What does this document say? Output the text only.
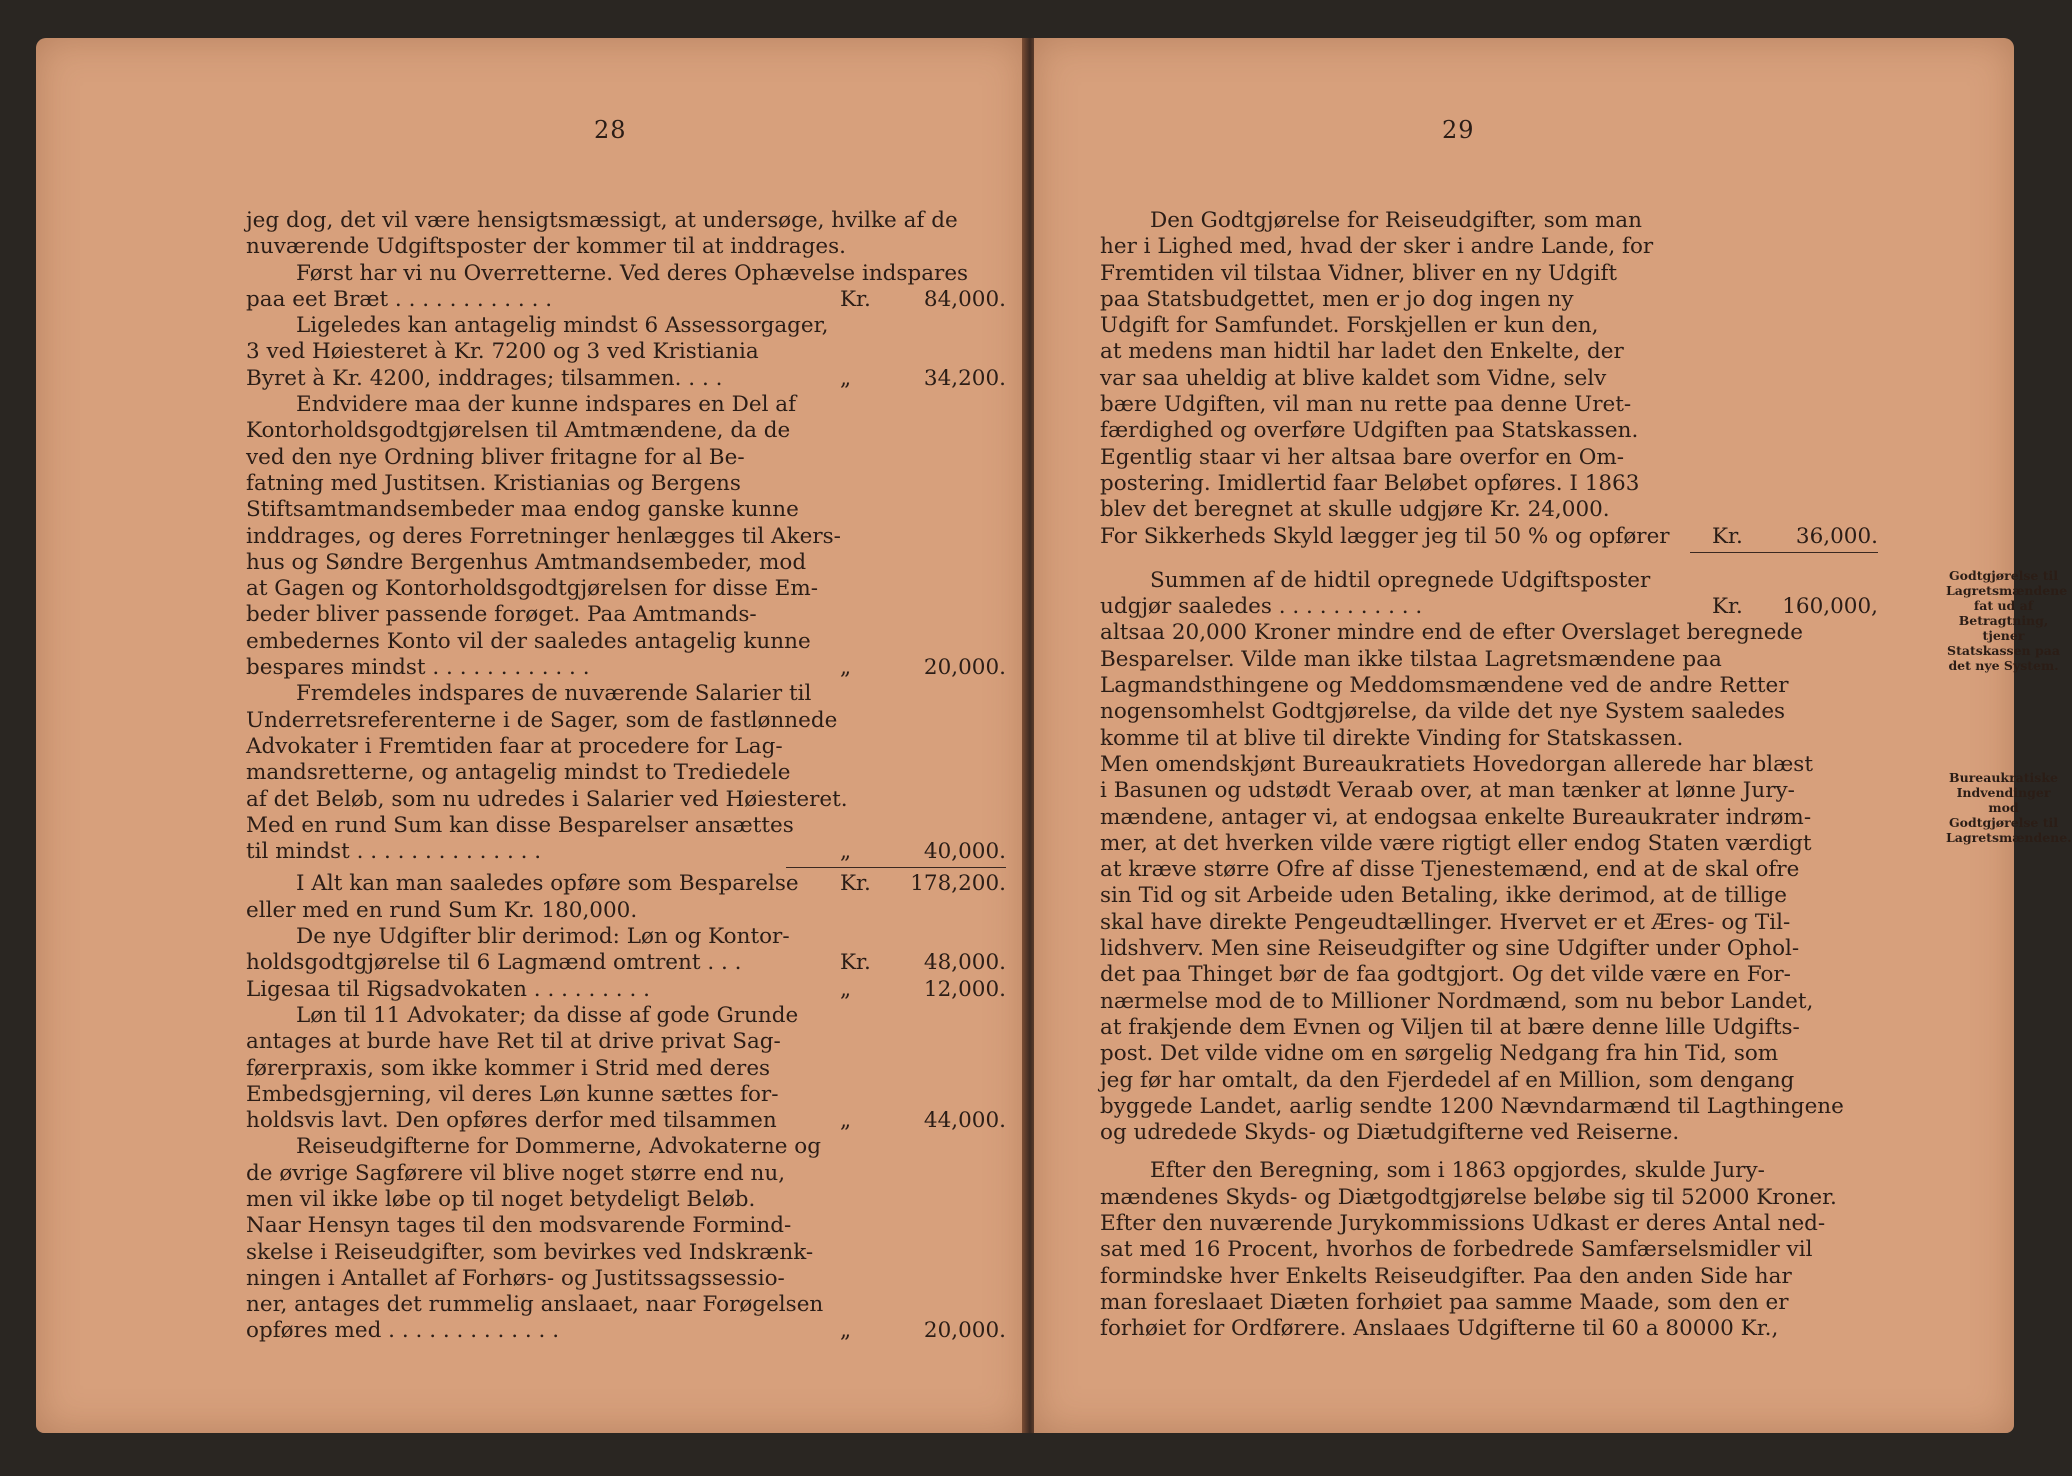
28
jeg dog, det vil være hensigtsmæssigt, at undersøge, hvilke af de
nuværende Udgiftsposter der kommer til at inddrages.
Først har vi nu Overretterne. Ved deres Ophævelse indspares
paa eet Bræt . . . . . . . . . . . .	Kr.	84,000.
Ligeledes kan antagelig mindst 6 Assessorgager,
3 ved Høiesteret à Kr. 7200 og 3 ved Kristiania
Byret à Kr. 4200, inddrages; tilsammen. . . .	„	34,200.
Endvidere maa der kunne indspares en Del af
Kontorholdsgodtgjørelsen til Amtmændene, da de
ved den nye Ordning bliver fritagne for al Be-
fatning med Justitsen. Kristianias og Bergens
Stiftsamtmandsembeder maa endog ganske kunne
inddrages, og deres Forretninger henlægges til Akers-
hus og Søndre Bergenhus Amtmandsembeder, mod
at Gagen og Kontorholdsgodtgjørelsen for disse Em-
beder bliver passende forøget. Paa Amtmands-
embedernes Konto vil der saaledes antagelig kunne
bespares mindst . . . . . . . . . . . .	„	20,000.
Fremdeles indspares de nuværende Salarier til
Underretsreferenterne i de Sager, som de fastlønnede
Advokater i Fremtiden faar at procedere for Lag-
mandsretterne, og antagelig mindst to Trediedele
af det Beløb, som nu udredes i Salarier ved Høiesteret.
Med en rund Sum kan disse Besparelser ansættes
til mindst . . . . . . . . . . . . . .	„	40,000.
I Alt kan man saaledes opføre som Besparelse Kr.	178,200.
eller med en rund Sum Kr. 180,000.
De nye Udgifter blir derimod: Løn og Kontor-
holdsgodtgjørelse til 6 Lagmænd omtrent . . .	Kr.	48,000.
Ligesaa til Rigsadvokaten . . . . . . . . .	„	12,000.
Løn til 11 Advokater; da disse af gode Grunde
antages at burde have Ret til at drive privat Sag-
førerpraxis, som ikke kommer i Strid med deres
Embedsgjerning, vil deres Løn kunne sættes for-
holdsvis lavt. Den opføres derfor med tilsammen	„	44,000.
Reiseudgifterne for Dommerne, Advokaterne og
de øvrige Sagførere vil blive noget større end nu,
men vil ikke løbe op til noget betydeligt Beløb.
Naar Hensyn tages til den modsvarende Formind-
skelse i Reiseudgifter, som bevirkes ved Indskrænk-
ningen i Antallet af Forhørs- og Justitssagssessio-
ner, antages det rummelig anslaaet, naar Forøgelsen
opføres med . . . . . . . . . . . . .	„	20,000.
29
Den Godtgjørelse for Reiseudgifter, som man
her i Lighed med, hvad der sker i andre Lande, for
Fremtiden vil tilstaa Vidner, bliver en ny Udgift
paa Statsbudgettet, men er jo dog ingen ny
Udgift for Samfundet. Forskjellen er kun den,
at medens man hidtil har ladet den Enkelte, der
var saa uheldig at blive kaldet som Vidne, selv
bære Udgiften, vil man nu rette paa denne Uret-
færdighed og overføre Udgiften paa Statskassen.
Egentlig staar vi her altsaa bare overfor en Om-
postering. Imidlertid faar Beløbet opføres. I 1863
blev det beregnet at skulle udgjøre Kr. 24,000.
For Sikkerheds Skyld lægger jeg til 50 % og opfører Kr.	36,000.
Summen af de hidtil opregnede Udgiftsposter
udgjør saaledes . . . . . . . . . . .	Kr.	160,000,
altsaa 20,000 Kroner mindre end de efter Overslaget beregnede
Besparelser. Vilde man ikke tilstaa Lagretsmændene paa
Lagmandsthingene og Meddomsmændene ved de andre Retter
nogensomhelst Godtgjørelse, da vilde det nye System saaledes
komme til at blive til direkte Vinding for Statskassen.
Men omendskjønt Bureaukratiets Hovedorgan allerede har blæst
i Basunen og udstødt Veraab over, at man tænker at lønne Jury-
mændene, antager vi, at endogsaa enkelte Bureaukrater indrøm-
mer, at det hverken vilde være rigtigt eller endog Staten værdigt
at kræve større Ofre af disse Tjenestemænd, end at de skal ofre
sin Tid og sit Arbeide uden Betaling, ikke derimod, at de tillige
skal have direkte Pengeudtællinger. Hvervet er et Æres- og Til-
lidshverv. Men sine Reiseudgifter og sine Udgifter under Ophol-
det paa Thinget bør de faa godtgjort. Og det vilde være en For-
nærmelse mod de to Millioner Nordmænd, som nu bebor Landet,
at frakjende dem Evnen og Viljen til at bære denne lille Udgifts-
post. Det vilde vidne om en sørgelig Nedgang fra hin Tid, som
jeg før har omtalt, da den Fjerdedel af en Million, som dengang
byggede Landet, aarlig sendte 1200 Nævndarmænd til Lagthingene
og udredede Skyds- og Diætudgifterne ved Reiserne.
Efter den Beregning, som i 1863 opgjordes, skulde Jury-
mændenes Skyds- og Diætgodtgjørelse beløbe sig til 52000 Kroner.
Efter den nuværende Jurykommissions Udkast er deres Antal ned-
sat med 16 Procent, hvorhos de forbedrede Samfærselsmidler vil
formindske hver Enkelts Reiseudgifter. Paa den anden Side har
man foreslaaet Diæten forhøiet paa samme Maade, som den er
forhøiet for Ordførere. Anslaaes Udgifterne til 60 a 80000 Kr.,
Godtgjørelse til Lagretsmændene fat ud af Betragtning, tjener Statskassen paa det nye System.
Bureaukratiske Indvendinger mod Godtgjørelse til Lagretsmændene.
